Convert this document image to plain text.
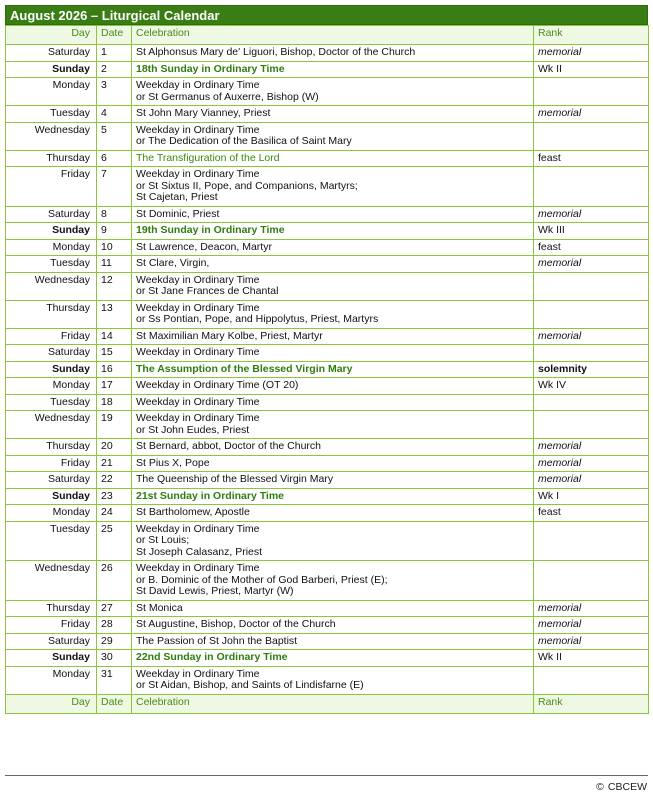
August 2026 – Liturgical Calendar
Day	Date	Celebration	Rank
Saturday	1	St Alphonsus Mary de' Liguori, Bishop, Doctor of the Church	memorial
Sunday	2	18th Sunday in Ordinary Time	Wk II
Monday	3	Weekday in Ordinary Time
or St Germanus of Auxerre, Bishop (W)	

Tuesday	4	St John Mary Vianney, Priest	memorial
Wednesday	5	Weekday in Ordinary Time
or The Dedication of the Basilica of Saint Mary	

Thursday	6	The Transfiguration of the Lord	feast
Friday	7	Weekday in Ordinary Time
or St Sixtus II, Pope, and Companions, Martyrs;
St Cajetan, Priest	

Saturday	8	St Dominic, Priest	memorial
Sunday	9	19th Sunday in Ordinary Time	Wk III
Monday	10	St Lawrence, Deacon, Martyr	feast
Tuesday	11	St Clare, Virgin,	memorial
Wednesday	12	Weekday in Ordinary Time
or St Jane Frances de Chantal	

Thursday	13	Weekday in Ordinary Time
or Ss Pontian, Pope, and Hippolytus, Priest, Martyrs	

Friday	14	St Maximilian Mary Kolbe, Priest, Martyr	memorial
Saturday	15	Weekday in Ordinary Time	

Sunday	16	The Assumption of the Blessed Virgin Mary	solemnity
Monday	17	Weekday in Ordinary Time (OT 20)	Wk IV
Tuesday	18	Weekday in Ordinary Time	

Wednesday	19	Weekday in Ordinary Time
or St John Eudes, Priest	

Thursday	20	St Bernard, abbot, Doctor of the Church	memorial
Friday	21	St Pius X, Pope	memorial
Saturday	22	The Queenship of the Blessed Virgin Mary	memorial
Sunday	23	21st Sunday in Ordinary Time	Wk I
Monday	24	St Bartholomew, Apostle	feast
Tuesday	25	Weekday in Ordinary Time
or St Louis;
St Joseph Calasanz, Priest	

Wednesday	26	Weekday in Ordinary Time
or B. Dominic of the Mother of God Barberi, Priest (E);
St David Lewis, Priest, Martyr (W)	

Thursday	27	St Monica	memorial
Friday	28	St Augustine, Bishop, Doctor of the Church	memorial
Saturday	29	The Passion of St John the Baptist	memorial
Sunday	30	22nd Sunday in Ordinary Time	Wk II
Monday	31	Weekday in Ordinary Time
or St Aidan, Bishop, and Saints of Lindisfarne (E)	

Day	Date	Celebration	Rank
© CBCEW
